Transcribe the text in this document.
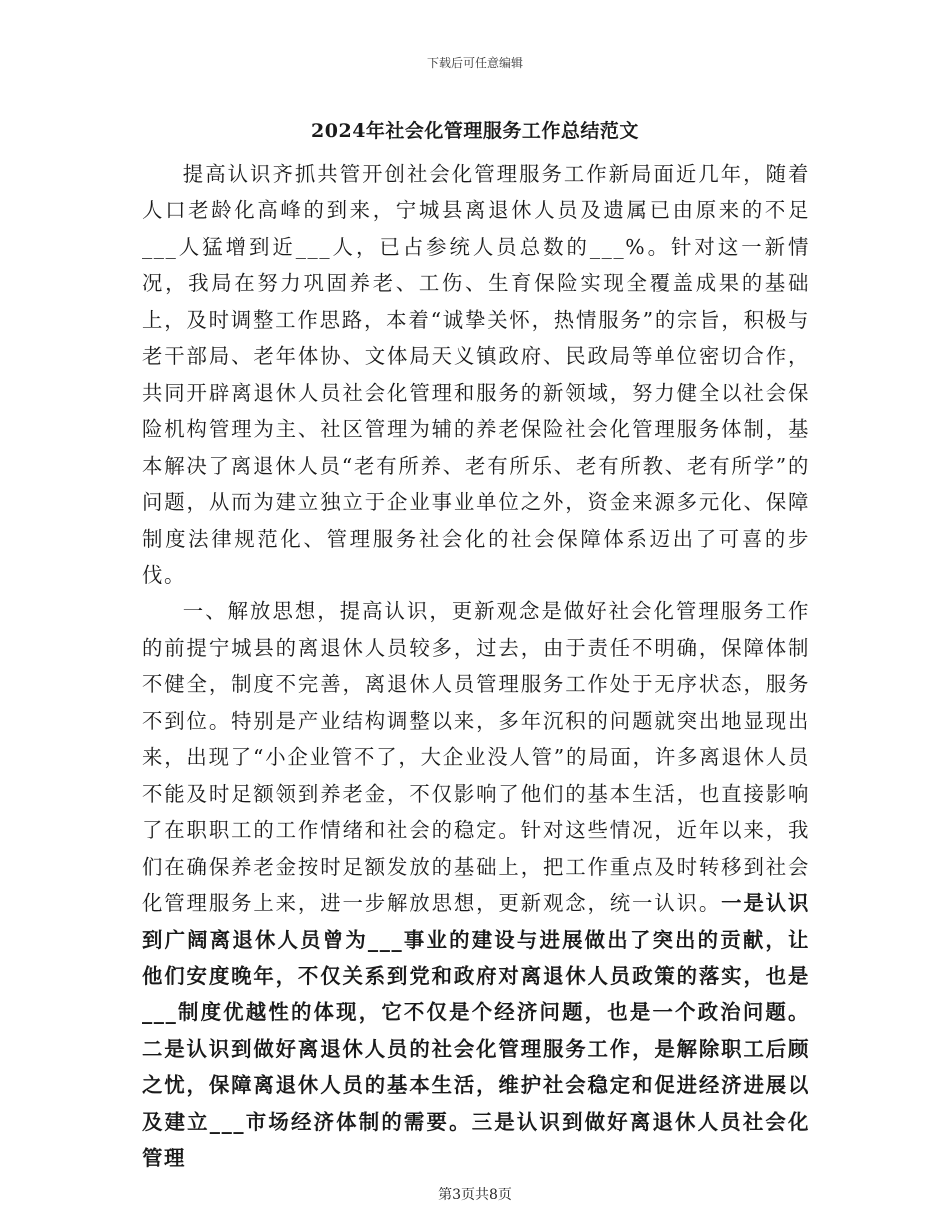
下载后可任意编辑
2024年社会化管理服务工作总结范文

提高认识齐抓共管开创社会化管理服务工作新局面近几年，随着人口老龄化高峰的到来，宁城县离退休人员及遗属已由原来的不足___人猛增到近___人，已占参统人员总数的___%。针对这一新情况，我局在努力巩固养老、工伤、生育保险实现全覆盖成果的基础上，及时调整工作思路，本着“诚挚关怀，热情服务”的宗旨，积极与老干部局、老年体协、文体局天义镇政府、民政局等单位密切合作，共同开辟离退休人员社会化管理和服务的新领域，努力健全以社会保险机构管理为主、社区管理为辅的养老保险社会化管理服务体制，基本解决了离退休人员“老有所养、老有所乐、老有所教、老有所学”的问题，从而为建立独立于企业事业单位之外，资金来源多元化、保障制度法律规范化、管理服务社会化的社会保障体系迈出了可喜的步伐。

一、解放思想，提高认识，更新观念是做好社会化管理服务工作的前提宁城县的离退休人员较多，过去，由于责任不明确，保障体制不健全，制度不完善，离退休人员管理服务工作处于无序状态，服务不到位。特别是产业结构调整以来，多年沉积的问题就突出地显现出来，出现了“小企业管不了，大企业没人管”的局面，许多离退休人员不能及时足额领到养老金，不仅影响了他们的基本生活，也直接影响了在职职工的工作情绪和社会的稳定。针对这些情况，近年以来，我们在确保养老金按时足额发放的基础上，把工作重点及时转移到社会化管理服务上来，进一步解放思想，更新观念，统一认识。一是认识到广阔离退休人员曾为___事业的建设与进展做出了突出的贡献，让他们安度晚年，不仅关系到党和政府对离退休人员政策的落实，也是___制度优越性的体现，它不仅是个经济问题，也是一个政治问题。二是认识到做好离退休人员的社会化管理服务工作，是解除职工后顾之忧，保障离退休人员的基本生活，维护社会稳定和促进经济进展以及建立___市场经济体制的需要。三是认识到做好离退休人员社会化管理

第3页共8页
